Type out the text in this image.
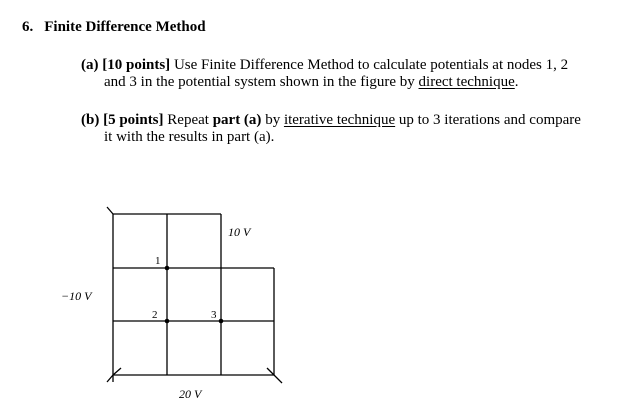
6. Finite Difference Method
(a) [10 points] Use Finite Difference Method to calculate potentials at nodes 1, 2
and 3 in the potential system shown in the figure by direct technique.
(b) [5 points] Repeat part (a) by iterative technique up to 3 iterations and compare
it with the results in part (a).
1
2	3
10 V
−10 V
20 V
